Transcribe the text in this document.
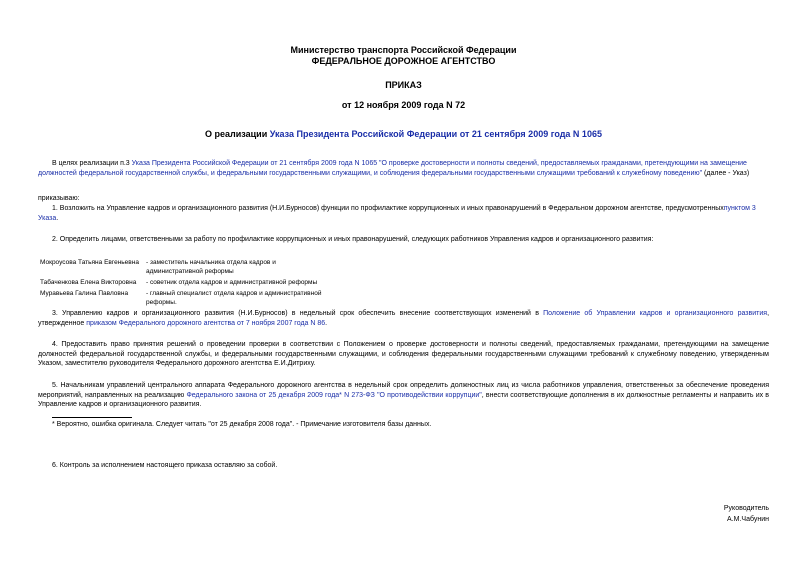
Министерство транспорта Российской Федерации
ФЕДЕРАЛЬНОЕ ДОРОЖНОЕ АГЕНТСТВО
ПРИКАЗ
от 12 ноября 2009 года N 72
О реализации Указа Президента Российской Федерации от 21 сентября 2009 года N 1065
В целях реализации п.3 Указа Президента Российской Федерации от 21 сентября 2009 года N 1065 "О проверке достоверности и полноты сведений, предоставляемых гражданами, претендующими на замещение должностей федеральной государственной службы, и федеральными государственными служащими, и соблюдения федеральными государственными служащими требований к служебному поведению" (далее - Указ)
приказываю:
1. Возложить на Управление кадров и организационного развития (Н.И.Бурносов) функции по профилактике коррупционных и иных правонарушений в Федеральном дорожном агентстве, предусмотренныхпунктом 3 Указа.
2. Определить лицами, ответственными за работу по профилактике коррупционных и иных правонарушений, следующих работников Управления кадров и организационного развития:
Мокроусова Татьяна Евгеньевна - заместитель начальника отдела кадров и административной реформы
Табаченкова Елена Викторовна - советник отдела кадров и административной реформы
Муравьева Галина Павловна	- главный специалист отдела кадров и административной реформы.
3. Управлению кадров и организационного развития (Н.И.Бурносов) в недельный срок обеспечить внесение соответствующих изменений в Положение об Управлении кадров и организационного развития, утвержденное приказом Федерального дорожного агентства от 7 ноября 2007 года N 86.
4. Предоставить право принятия решений о проведении проверки в соответствии с Положением о проверке достоверности и полноты сведений, предоставляемых гражданами, претендующими на замещение должностей федеральной государственной службы, и федеральными государственными служащими, и соблюдения федеральными государственными служащими требований к служебному поведению, утвержденным Указом, заместителю руководителя Федерального дорожного агентства Е.И.Дитриху.
5. Начальникам управлений центрального аппарата Федерального дорожного агентства в недельный срок определить должностных лиц из числа работников управления, ответственных за обеспечение проведения мероприятий, направленных на реализацию Федерального закона от 25 декабря 2009 года* N 273-ФЗ "О противодействии коррупции", внести соответствующие дополнения в их должностные регламенты и направить их в Управление кадров и организационного развития.
* Вероятно, ошибка оригинала. Следует читать "от 25 декабря 2008 года". - Примечание изготовителя базы данных.
6. Контроль за исполнением настоящего приказа оставляю за собой.
Руководитель
А.М.Чабунин
